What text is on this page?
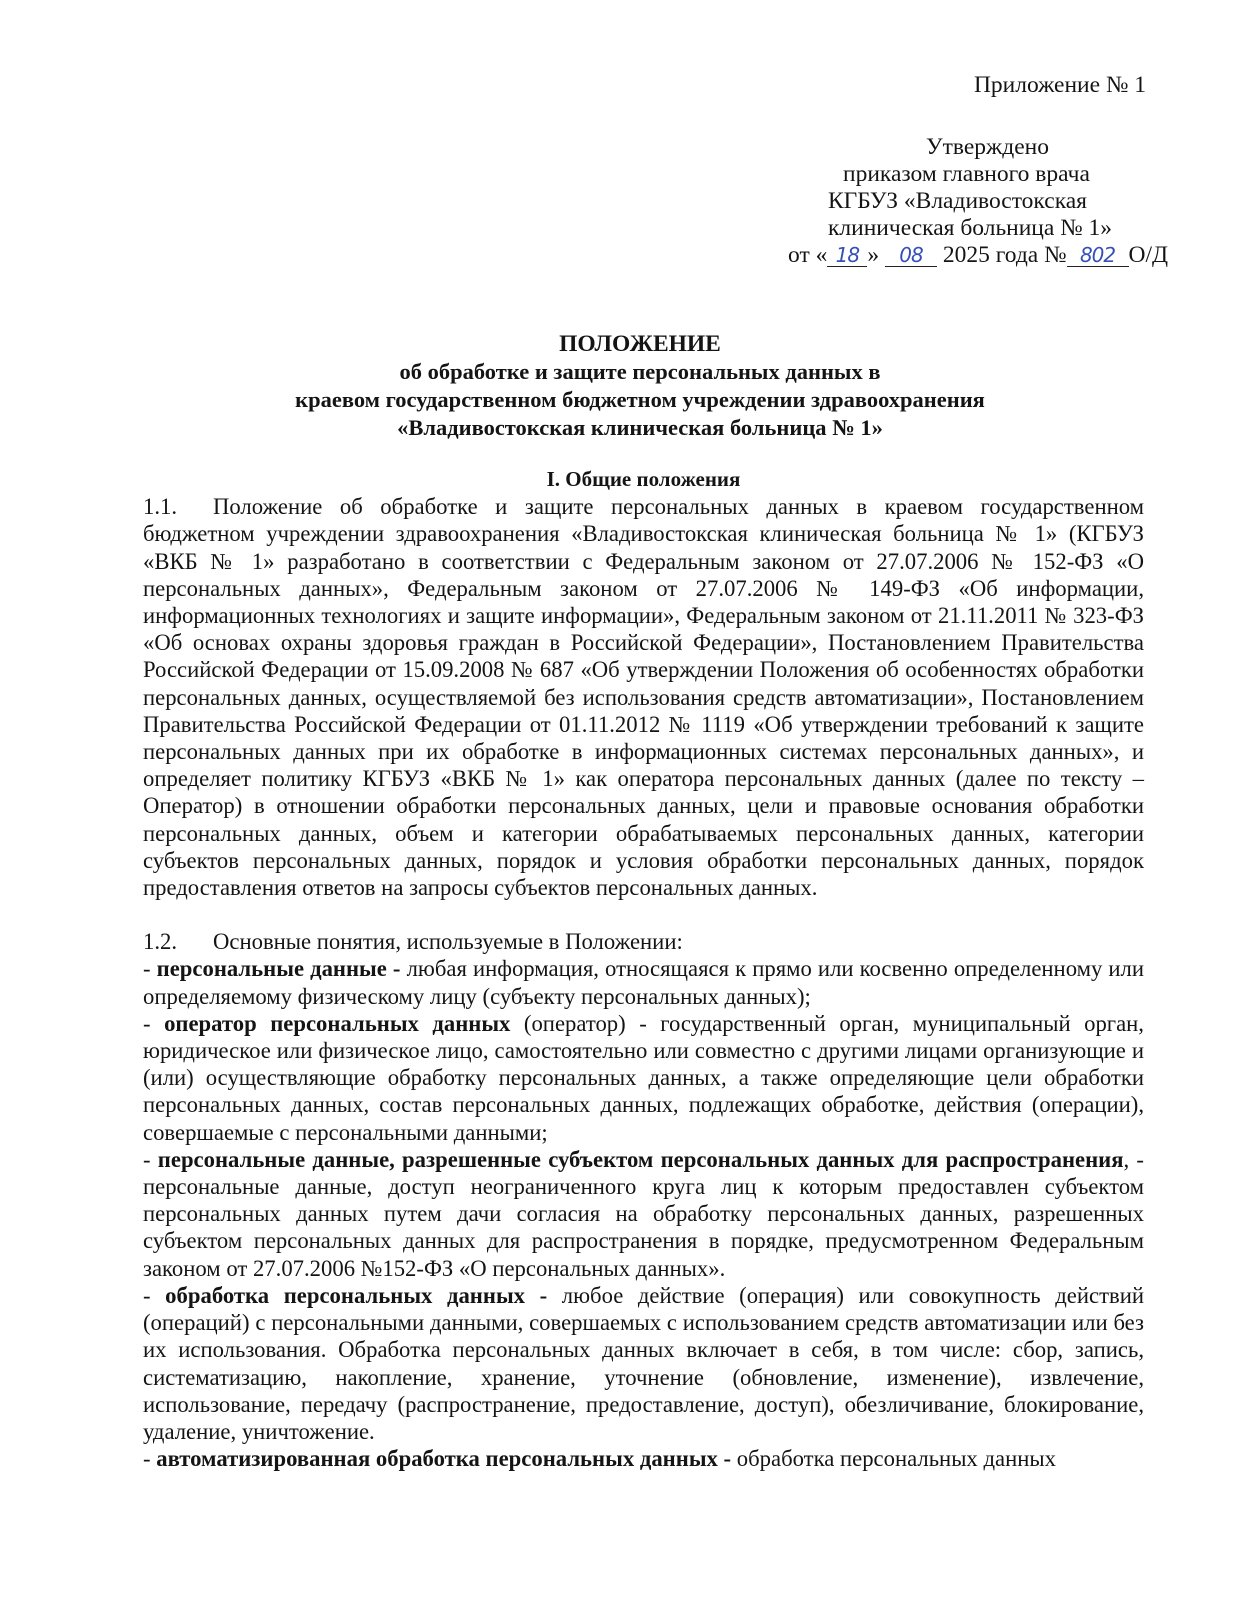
Приложение № 1
Утверждено
приказом главного врача
КГБУЗ «Владивостокская
клиническая больница № 1»
от « 18 » 08 2025 года № 802 О/Д
ПОЛОЖЕНИЕ
об обработке и защите персональных данных в
краевом государственном бюджетном учреждении здравоохранения
«Владивостокская клиническая больница № 1»

I. Общие положения

1.1. Положение об обработке и защите персональных данных в краевом государственном бюджетном учреждении здравоохранения «Владивостокская клиническая больница № 1» (КГБУЗ «ВКБ № 1» разработано в соответствии с Федеральным законом от 27.07.2006 № 152-ФЗ «О персональных данных», Федеральным законом от 27.07.2006 № 149-ФЗ «Об информации, информационных технологиях и защите информации», Федеральным законом от 21.11.2011 № 323-ФЗ «Об основах охраны здоровья граждан в Российской Федерации», Постановлением Правительства Российской Федерации от 15.09.2008 № 687 «Об утверждении Положения об особенностях обработки персональных данных, осуществляемой без использования средств автоматизации», Постановлением Правительства Российской Федерации от 01.11.2012 № 1119 «Об утверждении требований к защите персональных данных при их обработке в информационных системах персональных данных», и определяет политику КГБУЗ «ВКБ № 1» как оператора персональных данных (далее по тексту – Оператор) в отношении обработки персональных данных, цели и правовые основания обработки персональных данных, объем и категории обрабатываемых персональных данных, категории субъектов персональных данных, порядок и условия обработки персональных данных, порядок предоставления ответов на запросы субъектов персональных данных.

1.2. Основные понятия, используемые в Положении:

- персональные данные - любая информация, относящаяся к прямо или косвенно определенному или определяемому физическому лицу (субъекту персональных данных);

- оператор персональных данных (оператор) - государственный орган, муниципальный орган, юридическое или физическое лицо, самостоятельно или совместно с другими лицами организующие и (или) осуществляющие обработку персональных данных, а также определяющие цели обработки персональных данных, состав персональных данных, подлежащих обработке, действия (операции), совершаемые с персональными данными;

- персональные данные, разрешенные субъектом персональных данных для распространения, - персональные данные, доступ неограниченного круга лиц к которым предоставлен субъектом персональных данных путем дачи согласия на обработку персональных данных, разрешенных субъектом персональных данных для распространения в порядке, предусмотренном Федеральным законом от 27.07.2006 №152-ФЗ «О персональных данных».

- обработка персональных данных - любое действие (операция) или совокупность действий (операций) с персональными данными, совершаемых с использованием средств автоматизации или без их использования. Обработка персональных данных включает в себя, в том числе: сбор, запись, систематизацию, накопление, хранение, уточнение (обновление, изменение), извлечение, использование, передачу (распространение, предоставление, доступ), обезличивание, блокирование, удаление, уничтожение.

- автоматизированная обработка персональных данных - обработка персональных данных
